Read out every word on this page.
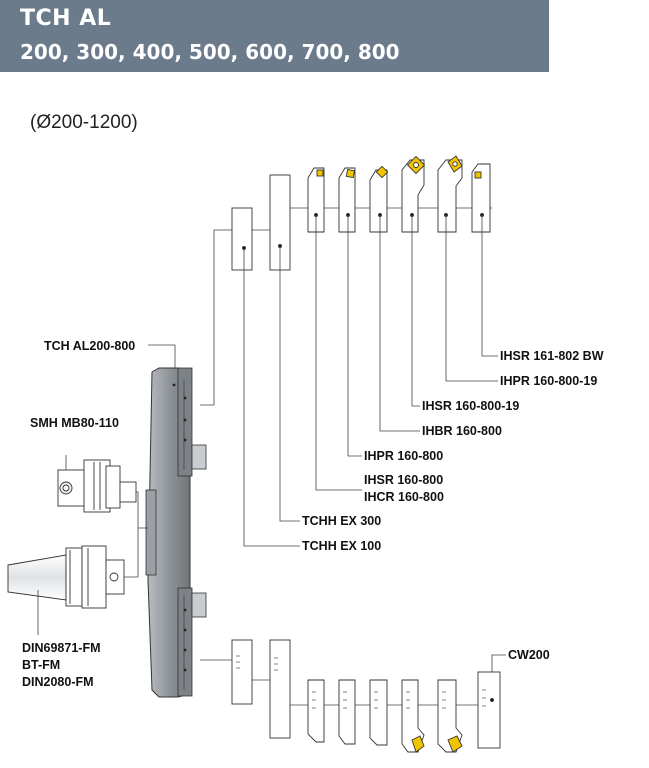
TCH AL
200, 300, 400, 500, 600, 700, 800
(Ø200-1200)
TCH AL200-800
SMH MB80-110
DIN69871-FM
BT-FM
DIN2080-FM
IHSR 161-802 BW
IHPR 160-800-19
IHSR 160-800-19
IHBR 160-800
IHPR 160-800
IHSR 160-800
IHCR 160-800
TCHH EX 300
TCHH EX 100
CW200
